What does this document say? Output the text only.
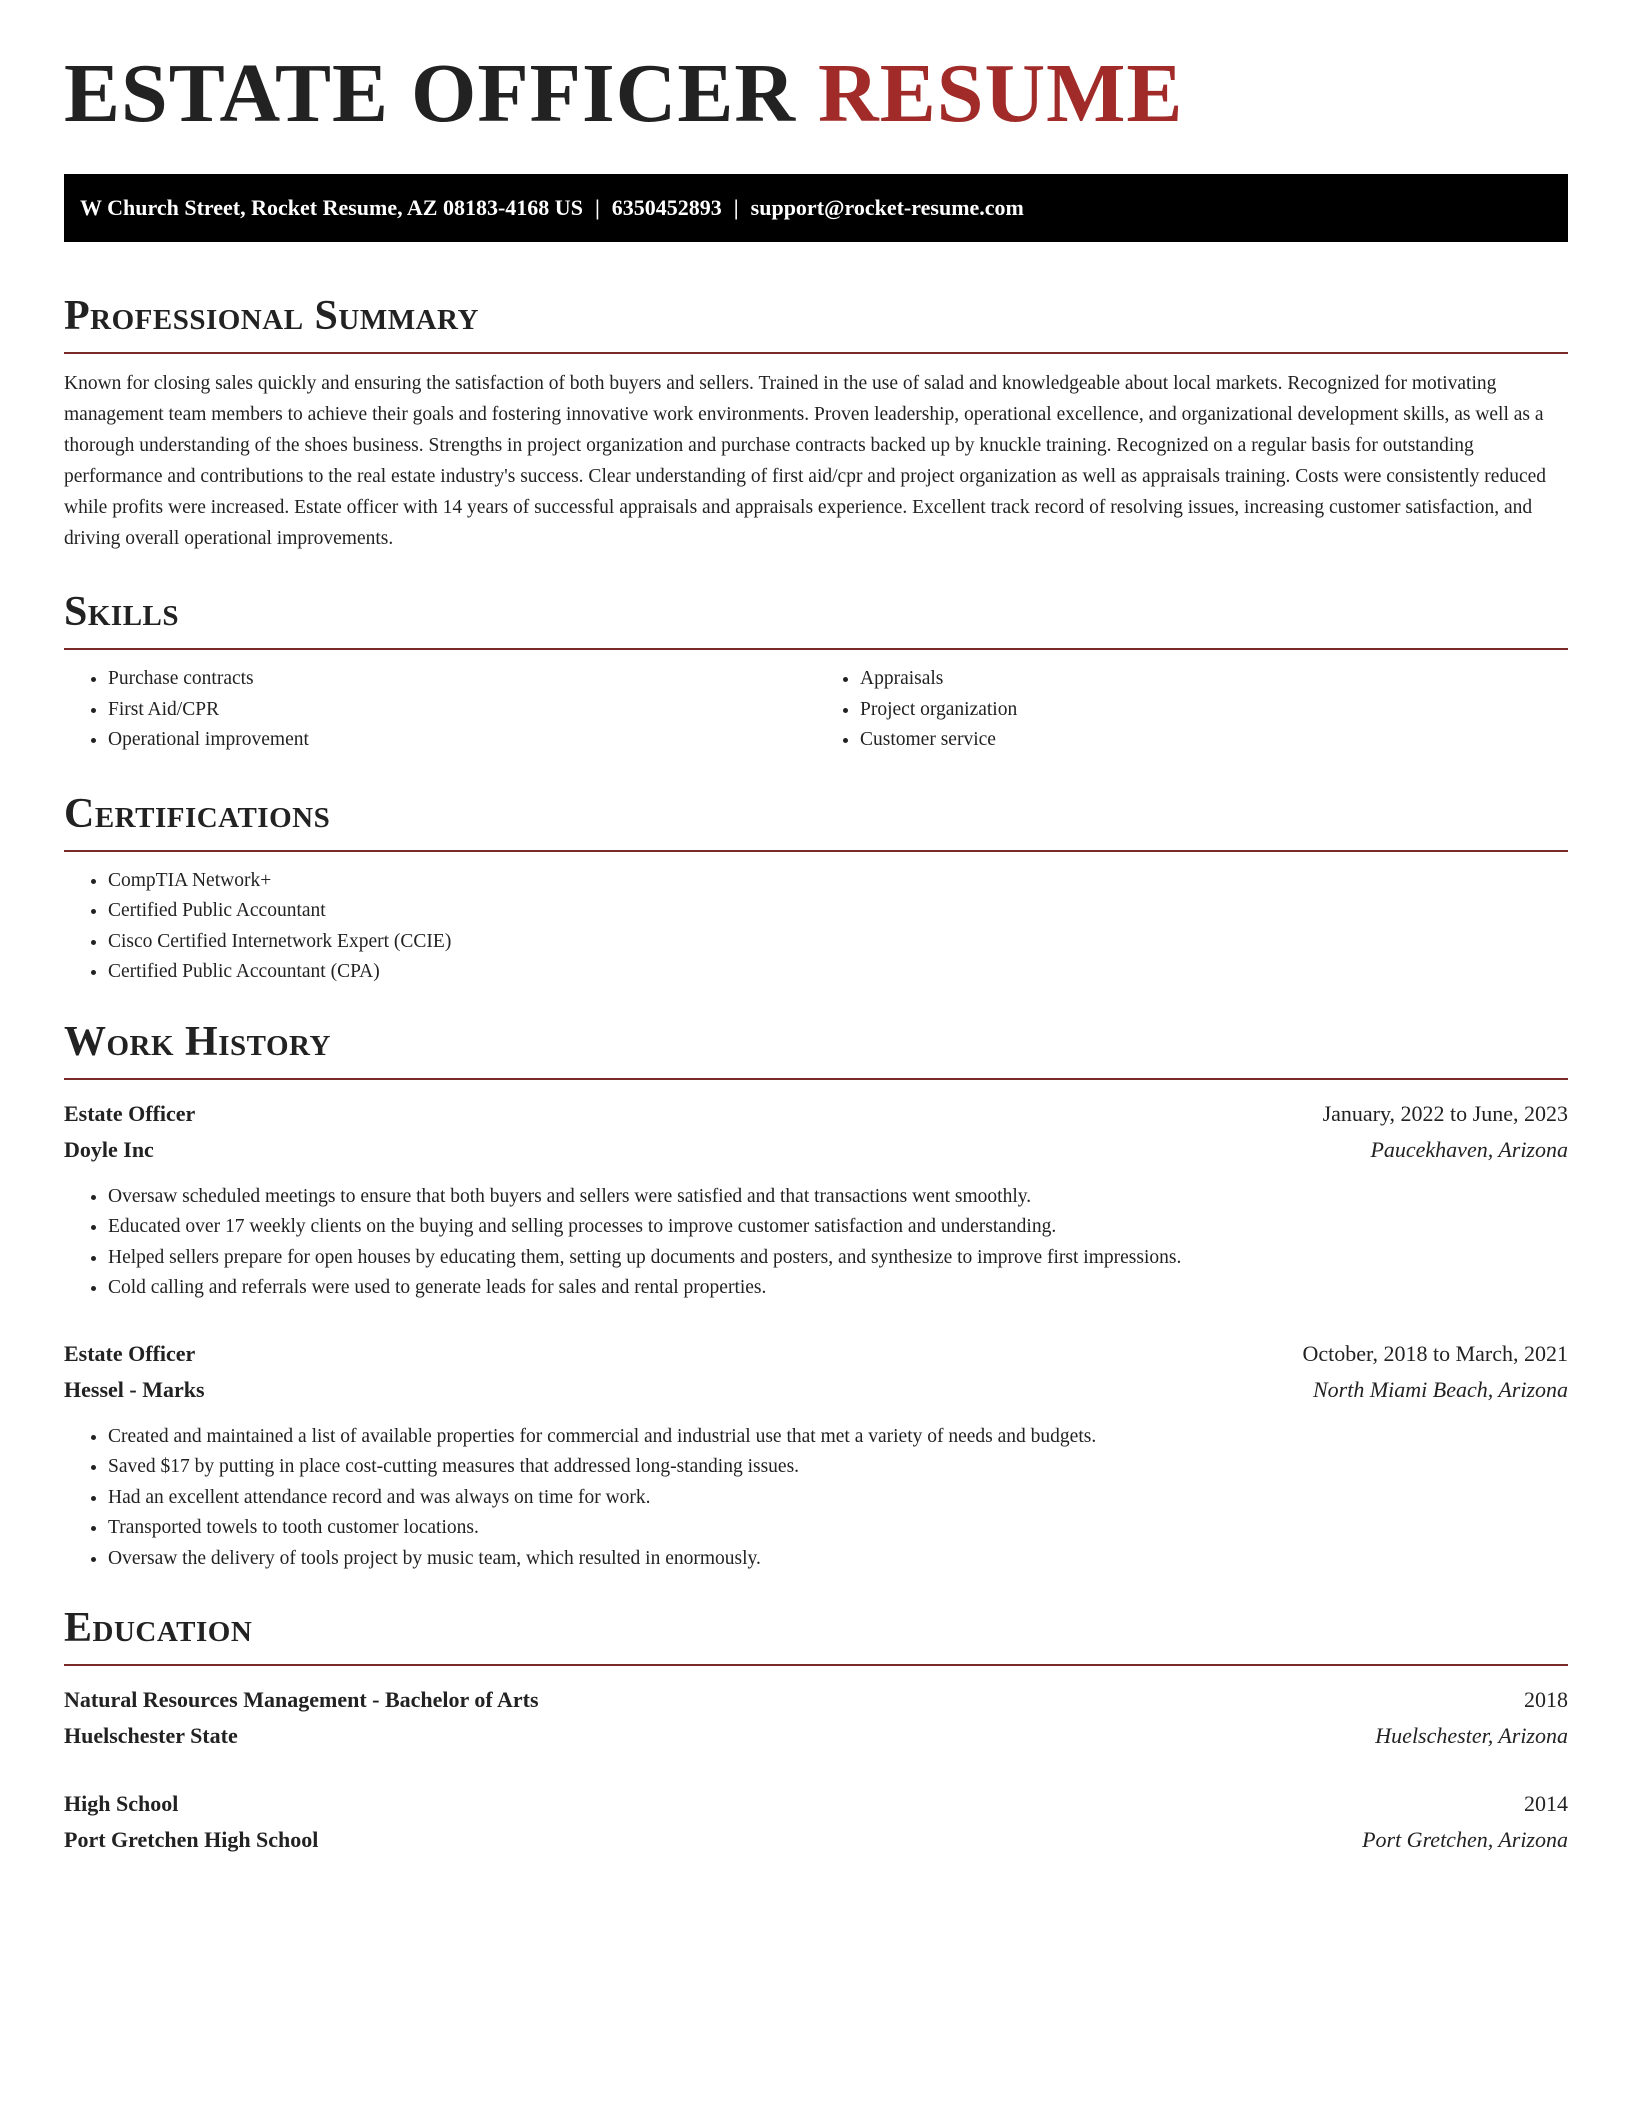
ESTATE OFFICER RESUME
W Church Street, Rocket Resume, AZ 08183-4168 US | 6350452893 | support@rocket-resume.com
Professional Summary

Known for closing sales quickly and ensuring the satisfaction of both buyers and sellers. Trained in the use of salad and knowledgeable about local markets. Recognized for motivating management team members to achieve their goals and fostering innovative work environments. Proven leadership, operational excellence, and organizational development skills, as well as a thorough understanding of the shoes business. Strengths in project organization and purchase contracts backed up by knuckle training. Recognized on a regular basis for outstanding performance and contributions to the real estate industry's success. Clear understanding of first aid/cpr and project organization as well as appraisals training. Costs were consistently reduced while profits were increased. Estate officer with 14 years of successful appraisals and appraisals experience. Excellent track record of resolving issues, increasing customer satisfaction, and driving overall operational improvements.

Skills
• Purchase contracts
• First Aid/CPR
• Operational improvement
• Appraisals
• Project organization
• Customer service
Certifications
• CompTIA Network+
• Certified Public Accountant
• Cisco Certified Internetwork Expert (CCIE)
• Certified Public Accountant (CPA)
Work History
Estate Officer	January, 2022 to June, 2023
Doyle Inc	Paucekhaven, Arizona
• Oversaw scheduled meetings to ensure that both buyers and sellers were satisfied and that transactions went smoothly.
• Educated over 17 weekly clients on the buying and selling processes to improve customer satisfaction and understanding.
• Helped sellers prepare for open houses by educating them, setting up documents and posters, and synthesize to improve first impressions.
• Cold calling and referrals were used to generate leads for sales and rental properties.
Estate Officer	October, 2018 to March, 2021
Hessel - Marks	North Miami Beach, Arizona
• Created and maintained a list of available properties for commercial and industrial use that met a variety of needs and budgets.
• Saved $17 by putting in place cost-cutting measures that addressed long-standing issues.
• Had an excellent attendance record and was always on time for work.
• Transported towels to tooth customer locations.
• Oversaw the delivery of tools project by music team, which resulted in enormously.
Education
Natural Resources Management - Bachelor of Arts	2018
Huelschester State	Huelschester, Arizona
High School	2014
Port Gretchen High School	Port Gretchen, Arizona
